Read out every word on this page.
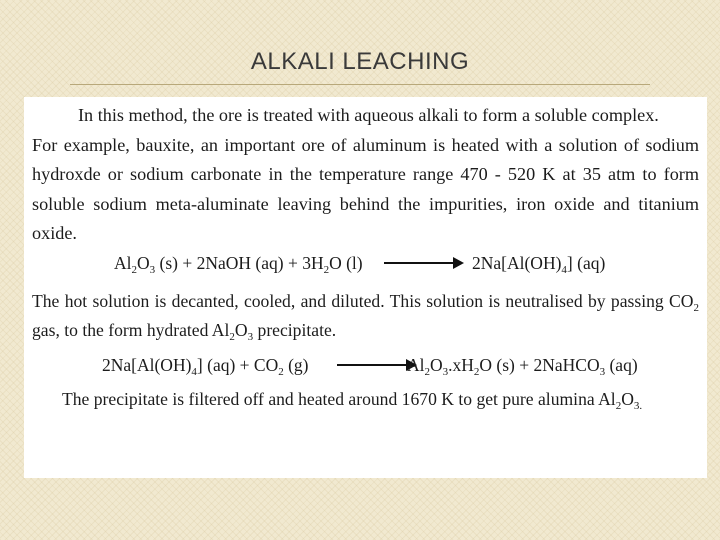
ALKALI LEACHING

In this method, the ore is treated with aqueous alkali to form a soluble complex.
For example, bauxite, an important ore of aluminum is heated with a solution of sodium hydroxde or sodium carbonate in the temperature range 470 - 520 K at 35 atm to form soluble sodium meta-aluminate leaving behind the impurities, iron oxide and titanium oxide.

$Al_2O_3$ (s) + 2NaOH $(aq) + 3H_2O$ (l)	$2Na[Al(OH)_4]$ (aq)

The hot solution is decanted, cooled, and diluted. This solution is neutralised by passing $CO_2$ gas, to the form hydrated $Al_2O_3$ precipitate.

$2Na[Al(OH)_4] (aq) + CO_2$ (g)	$Al_2O_3.xH_2O$ (s) + 2NaHCO$_3$ (aq)

The precipitate is filtered off and heated around 1670 K to get pure alumina $Al_2O_{3.}$
